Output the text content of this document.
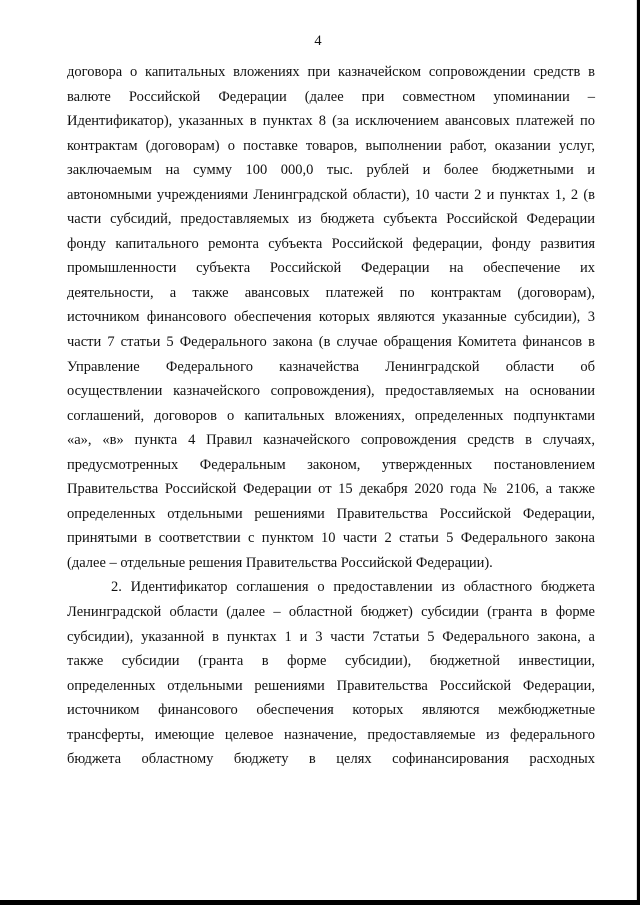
4
договора о капитальных вложениях при казначейском сопровождении средств в
валюте Российской Федерации (далее при совместном упоминании –
Идентификатор), указанных в пунктах 8 (за исключением авансовых платежей по
контрактам (договорам) о поставке товаров, выполнении работ, оказании услуг,
заключаемым на сумму 100 000,0 тыс. рублей и более бюджетными и
автономными учреждениями Ленинградской области), 10 части 2 и пунктах 1, 2 (в
части субсидий, предоставляемых из бюджета субъекта Российской Федерации
фонду капитального ремонта субъекта Российской федерации, фонду развития
промышленности субъекта Российской Федерации на обеспечение их
деятельности, а также авансовых платежей по контрактам (договорам),
источником финансового обеспечения которых являются указанные субсидии), 3
части 7 статьи 5 Федерального закона (в случае обращения Комитета финансов в
Управление Федерального казначейства Ленинградской области об
осуществлении казначейского сопровождения), предоставляемых на основании
соглашений, договоров о капитальных вложениях, определенных подпунктами
«а», «в» пункта 4 Правил казначейского сопровождения средств в случаях,
предусмотренных Федеральным законом, утвержденных постановлением
Правительства Российской Федерации от 15 декабря 2020 года № 2106, а также
определенных отдельными решениями Правительства Российской Федерации,
принятыми в соответствии с пунктом 10 части 2 статьи 5 Федерального закона
(далее – отдельные решения Правительства Российской Федерации).
2. Идентификатор соглашения о предоставлении из областного бюджета
Ленинградской области (далее – областной бюджет) субсидии (гранта в форме
субсидии), указанной в пунктах 1 и 3 части 7статьи 5 Федерального закона, а
также субсидии (гранта в форме субсидии), бюджетной инвестиции,
определенных отдельными решениями Правительства Российской Федерации,
источником финансового обеспечения которых являются межбюджетные
трансферты, имеющие целевое назначение, предоставляемые из федерального
бюджета областному бюджету в целях софинансирования расходных
